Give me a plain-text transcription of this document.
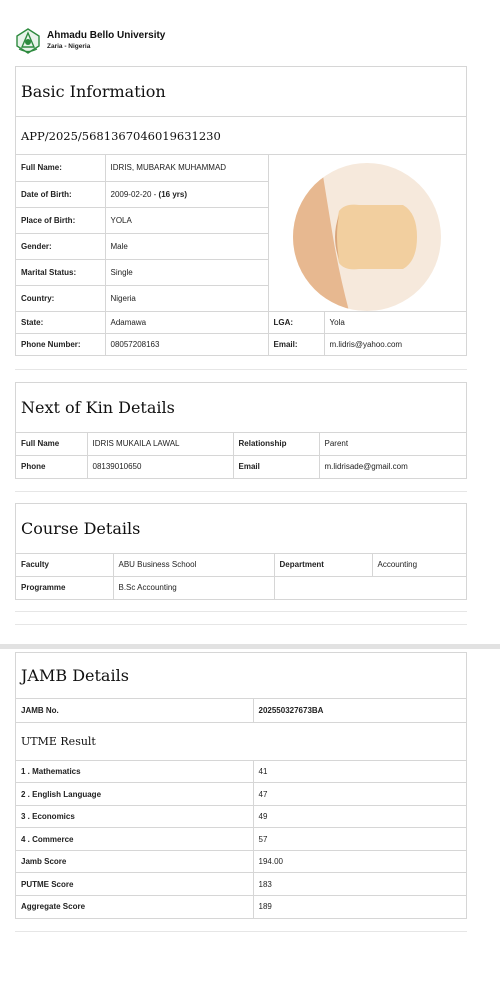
Ahmadu Bello University
Zaria - Nigeria
Basic Information
APP/2025/5681367046019631230
Full Name:	IDRIS, MUBARAK MUHAMMAD	

Date of Birth:	2009-02-20 - (16 yrs)		
Place of Birth:	YOLA		
Gender:	Male		
Marital Status:	Single		
Country:	Nigeria		
State:	Adamawa	LGA:	Yola
Phone Number:	08057208163	Email:	m.lidris@yahoo.com
Next of Kin Details
Full Name	IDRIS MUKAILA LAWAL	Relationship	Parent
Phone	08139010650	Email	m.lidrisade@gmail.com
Course Details
Faculty	ABU Business School	Department	Accounting
Programme	B.Sc Accounting		
JAMB Details
JAMB No.	202550327673BA
UTME Result
1 . Mathematics	41
2 . English Language	47
3 . Economics	49
4 . Commerce	57
Jamb Score	194.00
PUTME Score	183
Aggregate Score	189
